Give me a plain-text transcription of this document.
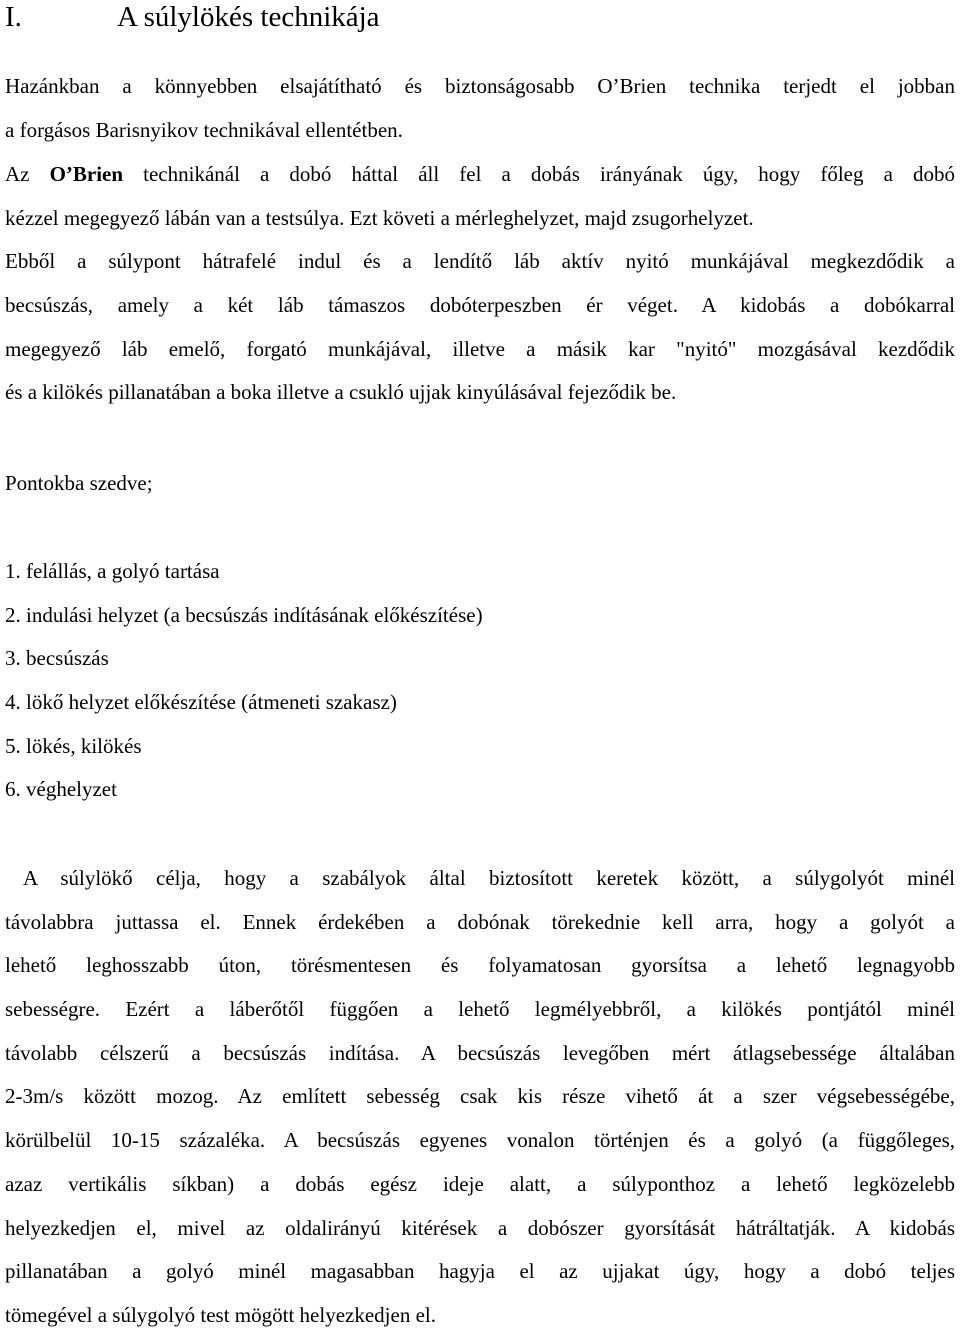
I.	A súlylökés technikája
Hazánkban a könnyebben elsajátítható és biztonságosabb O’Brien technika terjedt el jobban
a forgásos Barisnyikov technikával ellentétben.
Az O’Brien technikánál a dobó háttal áll fel a dobás irányának úgy, hogy főleg a dobó
kézzel megegyező lábán van a testsúlya. Ezt követi a mérleghelyzet, majd zsugorhelyzet.
Ebből a súlypont hátrafelé indul és a lendítő láb aktív nyitó munkájával megkezdődik a
becsúszás, amely a két láb támaszos dobóterpeszben ér véget. A kidobás a dobókarral
megegyező láb emelő, forgató munkájával, illetve a másik kar "nyitó" mozgásával kezdődik
és a kilökés pillanatában a boka illetve a csukló ujjak kinyúlásával fejeződik be.
Pontokba szedve;
1. felállás, a golyó tartása
2. indulási helyzet (a becsúszás indításának előkészítése)
3. becsúszás
4. lökő helyzet előkészítése (átmeneti szakasz)
5. lökés, kilökés
6. véghelyzet
A súlylökő célja, hogy a szabályok által biztosított keretek között, a súlygolyót minél
távolabbra juttassa el. Ennek érdekében a dobónak törekednie kell arra, hogy a golyót a
lehető leghosszabb úton, törésmentesen és folyamatosan gyorsítsa a lehető legnagyobb
sebességre. Ezért a láberőtől függően a lehető legmélyebbről, a kilökés pontjától minél
távolabb célszerű a becsúszás indítása. A becsúszás levegőben mért átlagsebessége általában
2-3m/s között mozog. Az említett sebesség csak kis része vihető át a szer végsebességébe,
körülbelül 10-15 százaléka. A becsúszás egyenes vonalon történjen és a golyó (a függőleges,
azaz vertikális síkban) a dobás egész ideje alatt, a súlyponthoz a lehető legközelebb
helyezkedjen el, mivel az oldalirányú kitérések a dobószer gyorsítását hátráltatják. A kidobás
pillanatában a golyó minél magasabban hagyja el az ujjakat úgy, hogy a dobó teljes
tömegével a súlygolyó test mögött helyezkedjen el.
